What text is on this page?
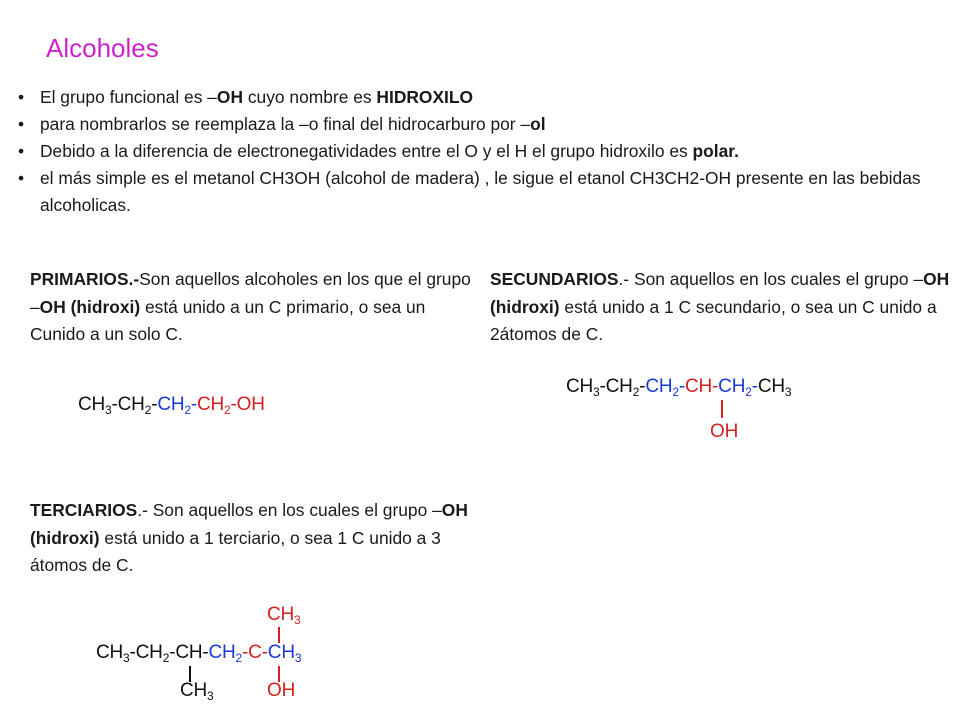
Alcoholes
• El grupo funcional es –OH cuyo nombre es HIDROXILO
• para nombrarlos se reemplaza la –o final del hidrocarburo por –ol
• Debido a la diferencia de electronegatividades entre el O y el H el grupo hidroxilo es polar.
• el más simple es el metanol CH3OH (alcohol de madera) , le sigue el etanol CH3CH2-OH presente en las bebidas alcoholicas.
PRIMARIOS.-Son aquellos alcoholes en los que el grupo –OH (hidroxi) está unido a un C primario, o sea un Cunido a un solo C.
SECUNDARIOS.- Son aquellos en los cuales el grupo –OH (hidroxi) está unido a 1 C secundario, o sea un C unido a 2átomos de C.
TERCIARIOS.- Son aquellos en los cuales el grupo –OH (hidroxi) está unido a 1 terciario, o sea 1 C unido a 3 átomos de C.
$CH_3-CH_2-CH_2-CH_2-OH$
$CH_3-CH_2-CH_2-CH-CH_2-CH_3$
OH
$CH_3$
$CH_3-CH_2-CH-CH_2-C-CH_3$
$CH_3$	OH
